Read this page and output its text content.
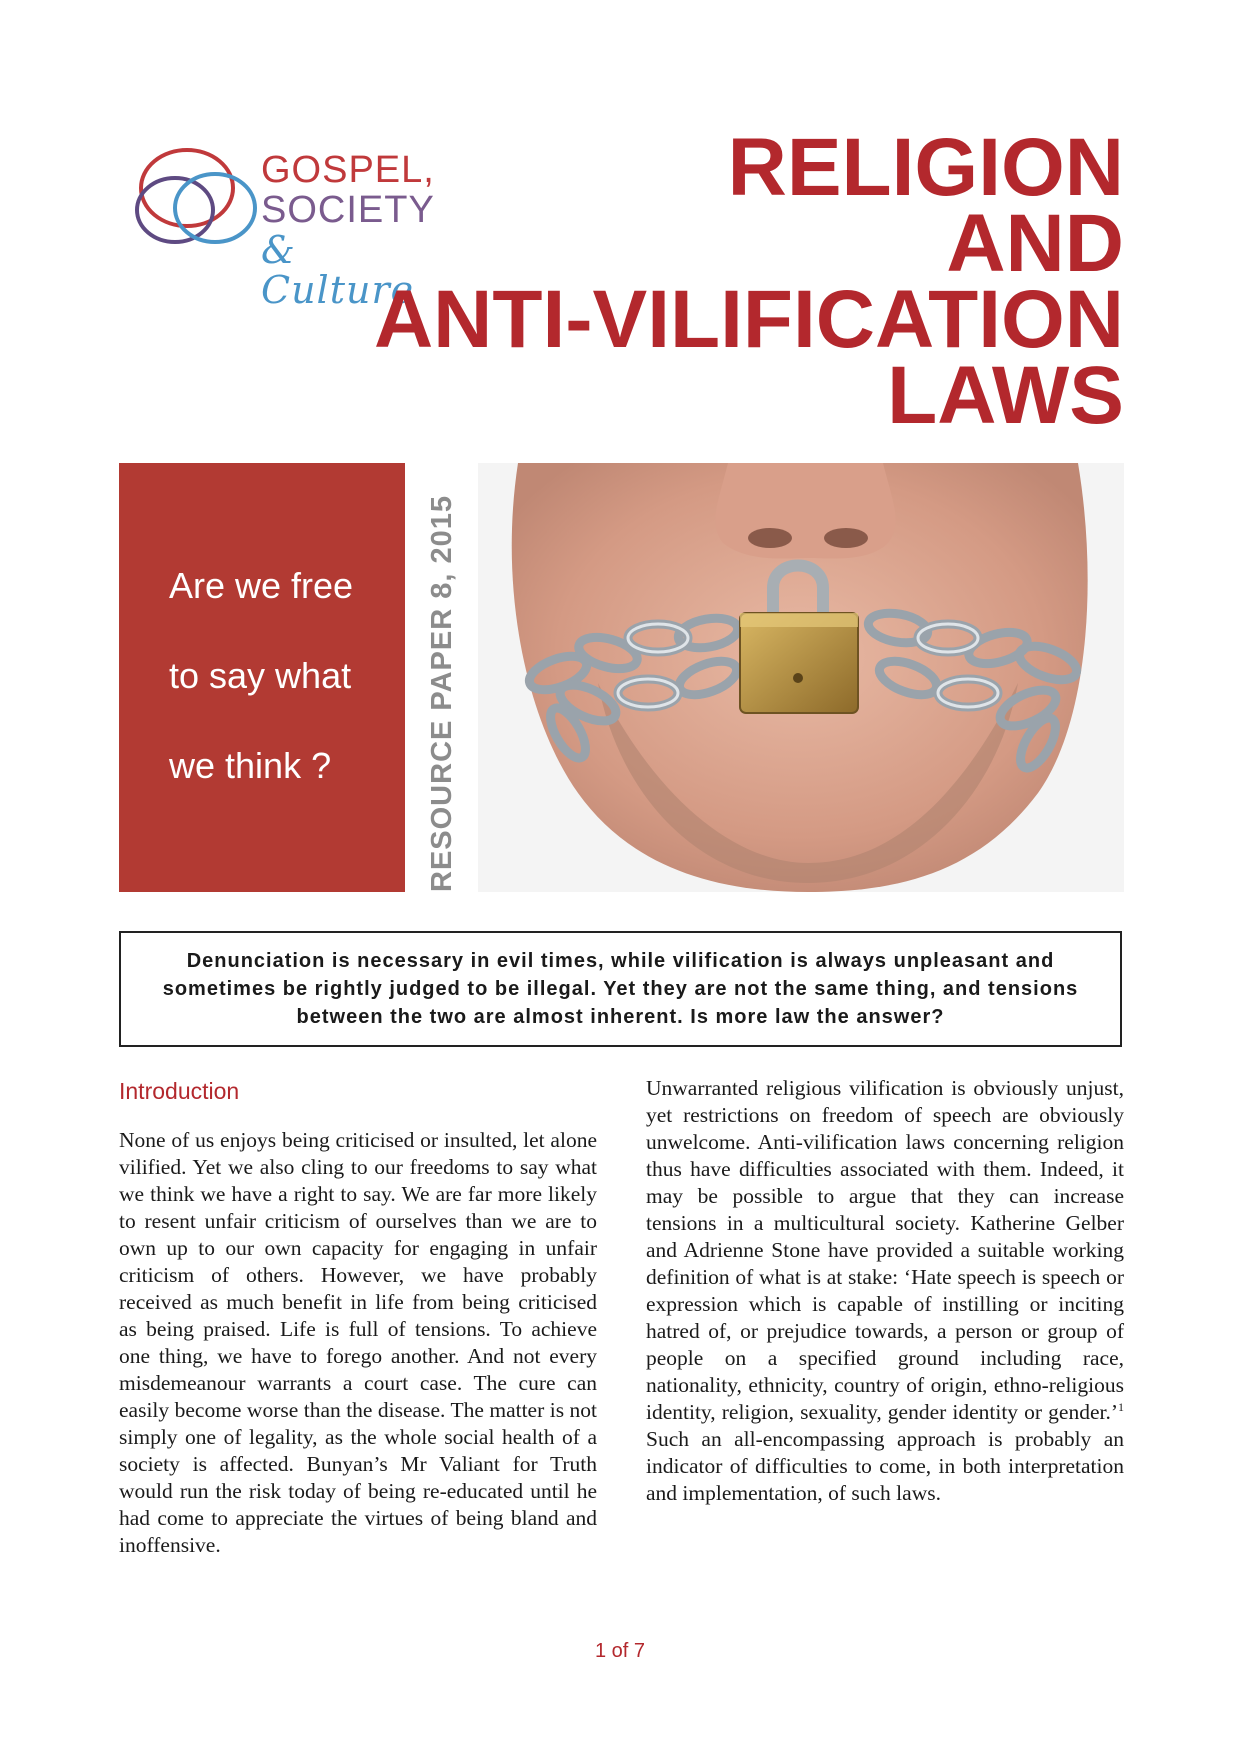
GOSPEL,
SOCIETY
& Culture
RELIGION
AND
ANTI-VILIFICATION
LAWS
Are we free
to say what
we think ?	RESOURCE PAPER 8, 2015
Denunciation is necessary in evil times, while vilification is always unpleasant and sometimes be rightly judged to be illegal. Yet they are not the same thing, and tensions between the two are almost inherent. Is more law the answer?
Introduction

None of us enjoys being criticised or insulted, let alone vilified. Yet we also cling to our freedoms to say what we think we have a right to say. We are far more likely to resent unfair criticism of ourselves than we are to own up to our own capacity for engaging in unfair criticism of others. However, we have probably received as much benefit in life from being criticised as being praised. Life is full of tensions. To achieve one thing, we have to forego another. And not every misdemeanour warrants a court case. The cure can easily become worse than the disease. The matter is not simply one of legality, as the whole social health of a society is affected. Bunyan’s Mr Valiant for Truth would run the risk today of being re-educated until he had come to appreciate the virtues of being bland and inoffensive.

Unwarranted religious vilification is obviously unjust, yet restrictions on freedom of speech are obviously unwelcome. Anti-vilification laws concerning religion thus have difficulties associated with them. Indeed, it may be possible to argue that they can increase tensions in a multicultural society. Katherine Gelber and Adrienne Stone have provided a suitable working definition of what is at stake: ‘Hate speech is speech or expression which is capable of instilling or inciting hatred of, or prejudice towards, a person or group of people on a specified ground including race, nationality, ethnicity, country of origin, ethno-religious identity, religion, sexuality, gender identity or gender.’$^1$ Such an all-encompassing approach is probably an indicator of difficulties to come, in both interpretation and implementation, of such laws.

1 of 7
